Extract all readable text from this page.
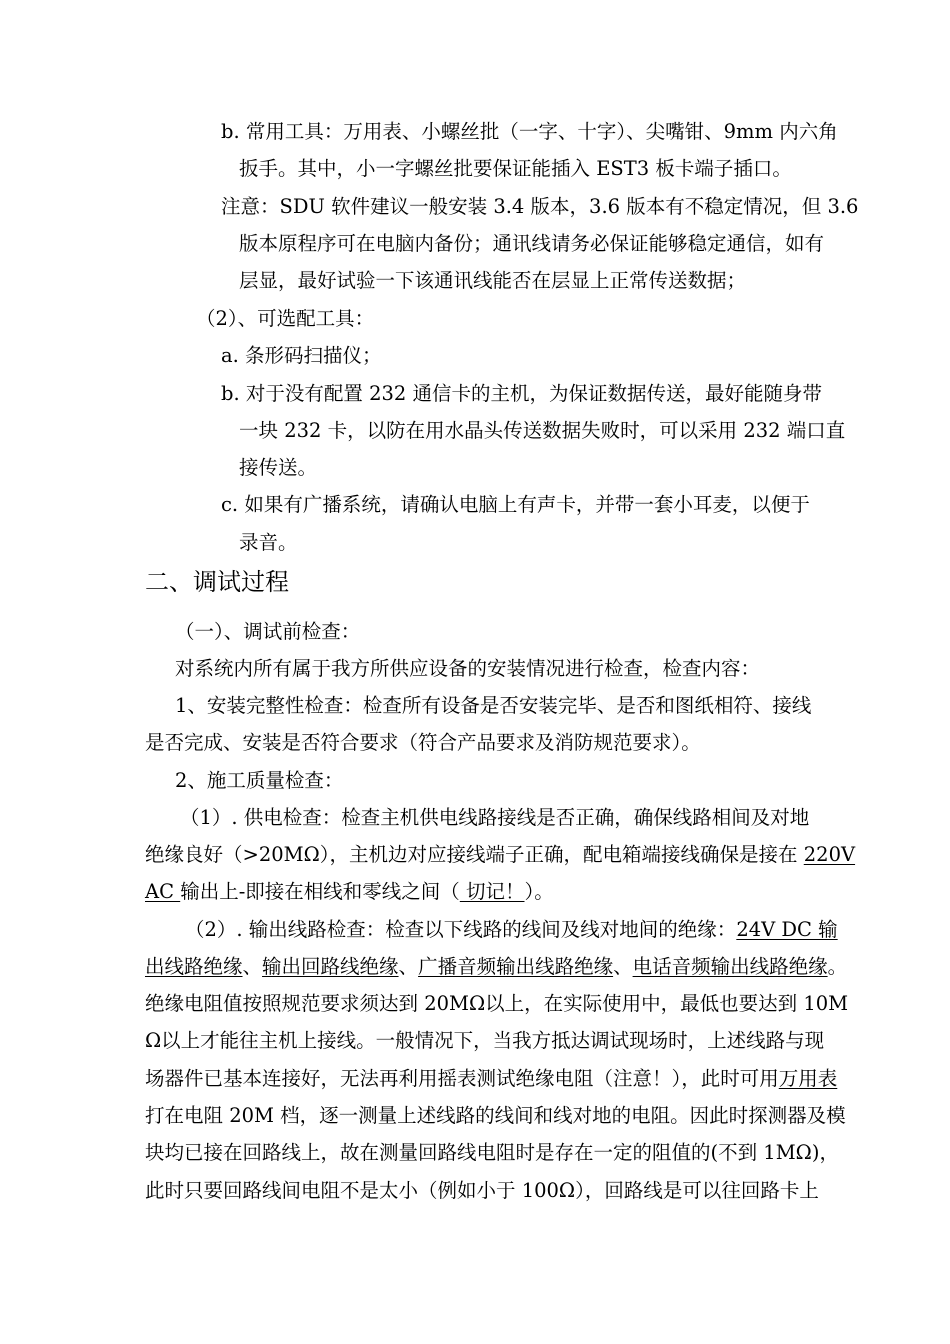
b. 常用工具：万用表、小螺丝批（一字、十字）、尖嘴钳、9mm 内六角
扳手。其中，小一字螺丝批要保证能插入 EST3 板卡端子插口。
注意：SDU 软件建议一般安装 3.4 版本，3.6 版本有不稳定情况，但 3.6
版本原程序可在电脑内备份；通讯线请务必保证能够稳定通信，如有
层显，最好试验一下该通讯线能否在层显上正常传送数据；
（2）、可选配工具：
a. 条形码扫描仪；
b. 对于没有配置 232 通信卡的主机，为保证数据传送，最好能随身带
一块 232 卡，以防在用水晶头传送数据失败时，可以采用 232 端口直
接传送。
c. 如果有广播系统，请确认电脑上有声卡，并带一套小耳麦，以便于
录音。
二、调试过程
（一）、调试前检查：
对系统内所有属于我方所供应设备的安装情况进行检查，检查内容：
1、安装完整性检查：检查所有设备是否安装完毕、是否和图纸相符、接线
是否完成、安装是否符合要求（符合产品要求及消防规范要求）。
2、施工质量检查：
（1）. 供电检查：检查主机供电线路接线是否正确，确保线路相间及对地
绝缘良好（>20MΩ），主机边对应接线端子正确，配电箱端接线确保是接在 220V
AC 输出上-即接在相线和零线之间（ 切记！）。
（2）. 输出线路检查：检查以下线路的线间及线对地间的绝缘：24V DC 输
出线路绝缘、输出回路线绝缘、广播音频输出线路绝缘、电话音频输出线路绝缘。
绝缘电阻值按照规范要求须达到 20MΩ以上，在实际使用中，最低也要达到 10M
Ω以上才能往主机上接线。一般情况下，当我方抵达调试现场时，上述线路与现
场器件已基本连接好，无法再利用摇表测试绝缘电阻（注意！），此时可用万用表
打在电阻 20M 档，逐一测量上述线路的线间和线对地的电阻。因此时探测器及模
块均已接在回路线上，故在测量回路线电阻时是存在一定的阻值的(不到 1MΩ)，
此时只要回路线间电阻不是太小（例如小于 100Ω），回路线是可以往回路卡上
